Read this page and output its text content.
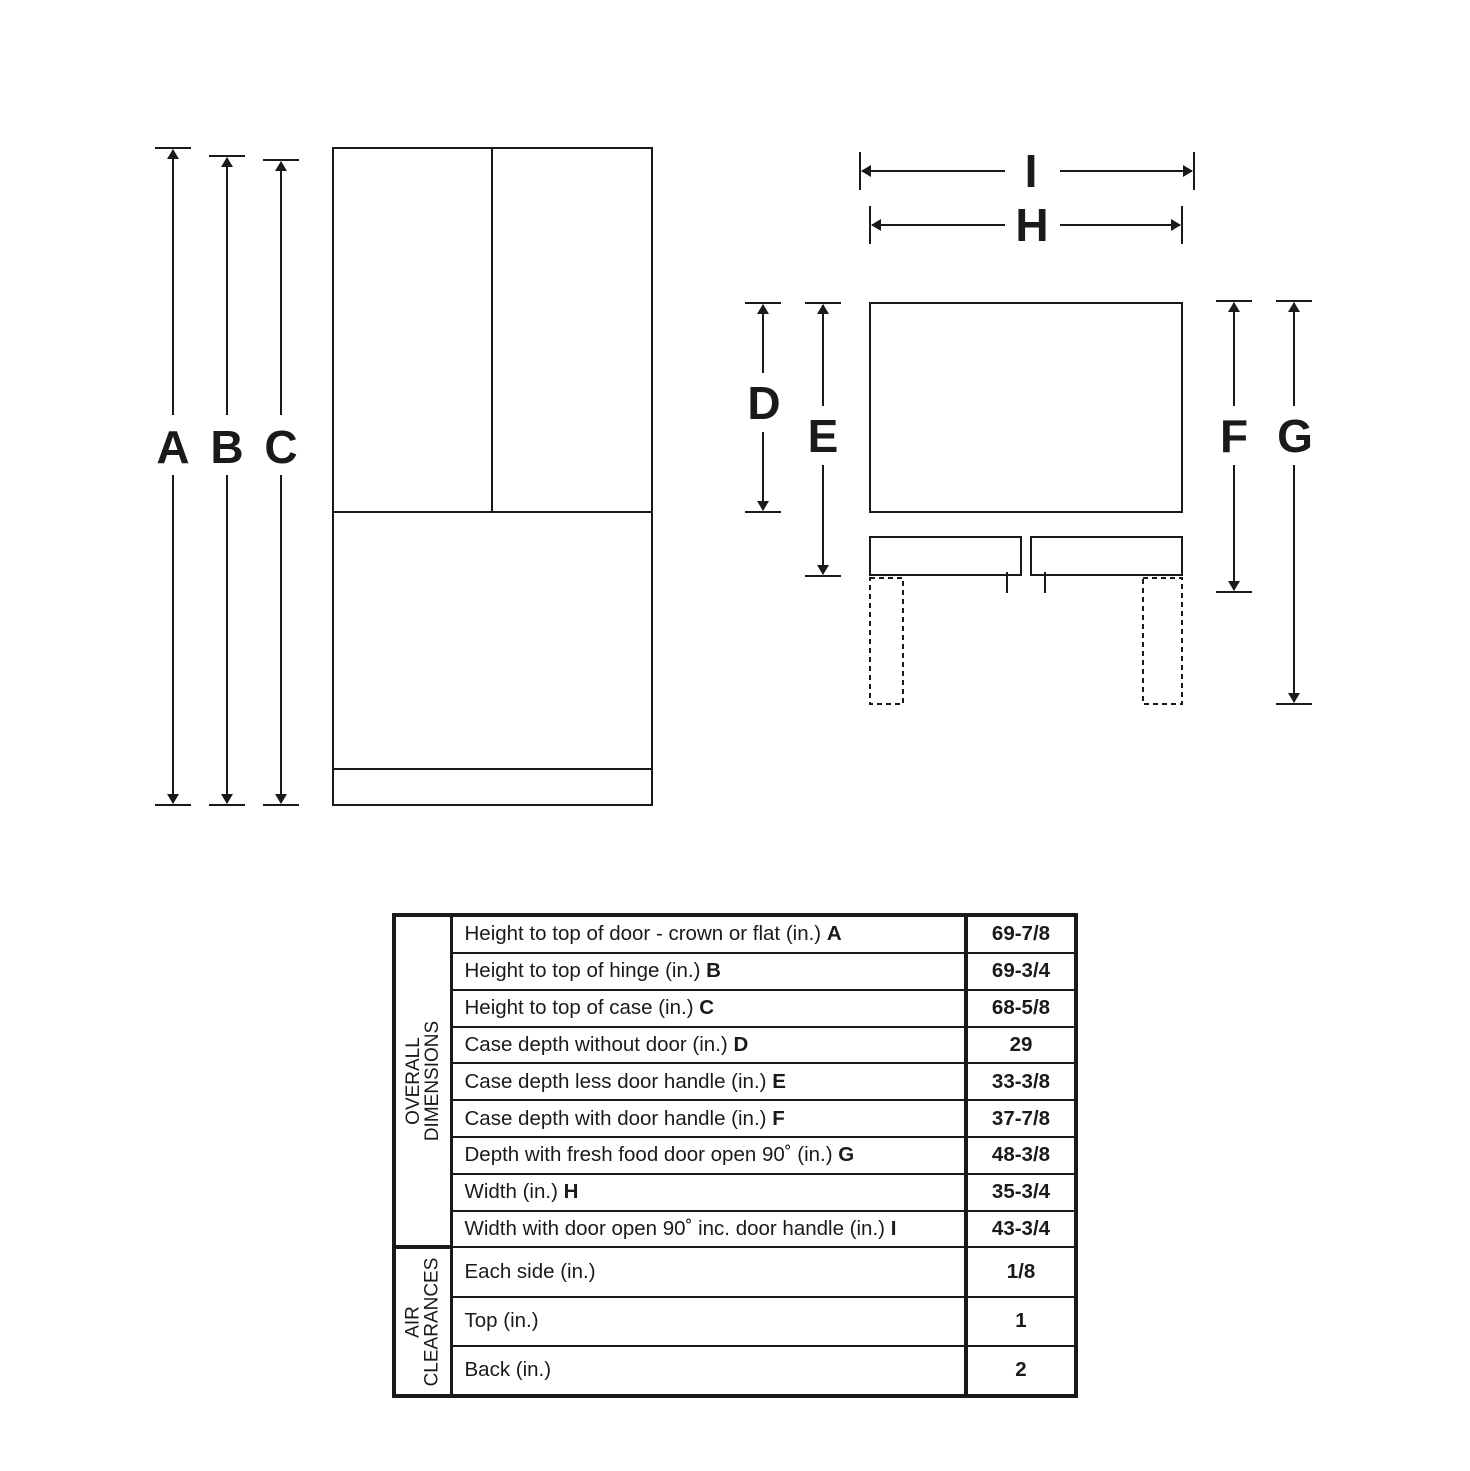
A B C
I
H
D
E	F G
OVERALL
DIMENSIONS	Height to top of door - crown or flat (in.) A	69-7/8
	Height to top of hinge (in.) B	69-3/4
	Height to top of case (in.) C	68-5/8
	Case depth without door (in.) D	29
	Case depth less door handle (in.) E	33-3/8
	Case depth with door handle (in.) F	37-7/8
	Depth with fresh food door open 90˚ (in.) G	48-3/8
	Width (in.) H	35-3/4
	Width with door open 90˚ inc. door handle (in.) I	43-3/4

AIR
CLEARANCES	Each side (in.)	1/8
	Top (in.)	1
	Back (in.)	2
